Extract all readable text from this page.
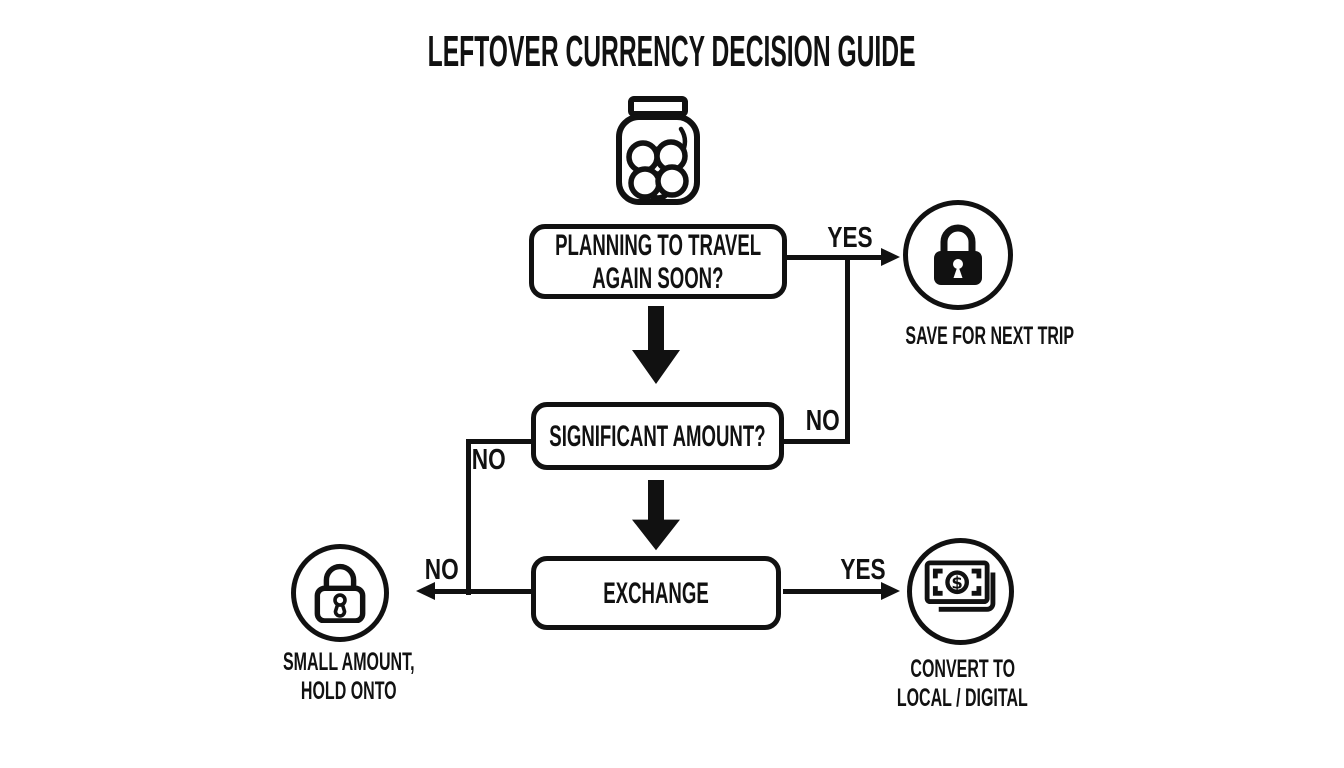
LEFTOVER CURRENCY DECISION GUIDE
PLANNING TO TRAVEL
AGAIN SOON?
SIGNIFICANT AMOUNT?
EXCHANGE
YES
NO
NO
NO	YES
SAVE FOR NEXT TRIP
SMALL AMOUNT,
HOLD ONTO
$
CONVERT TO
LOCAL / DIGITAL
